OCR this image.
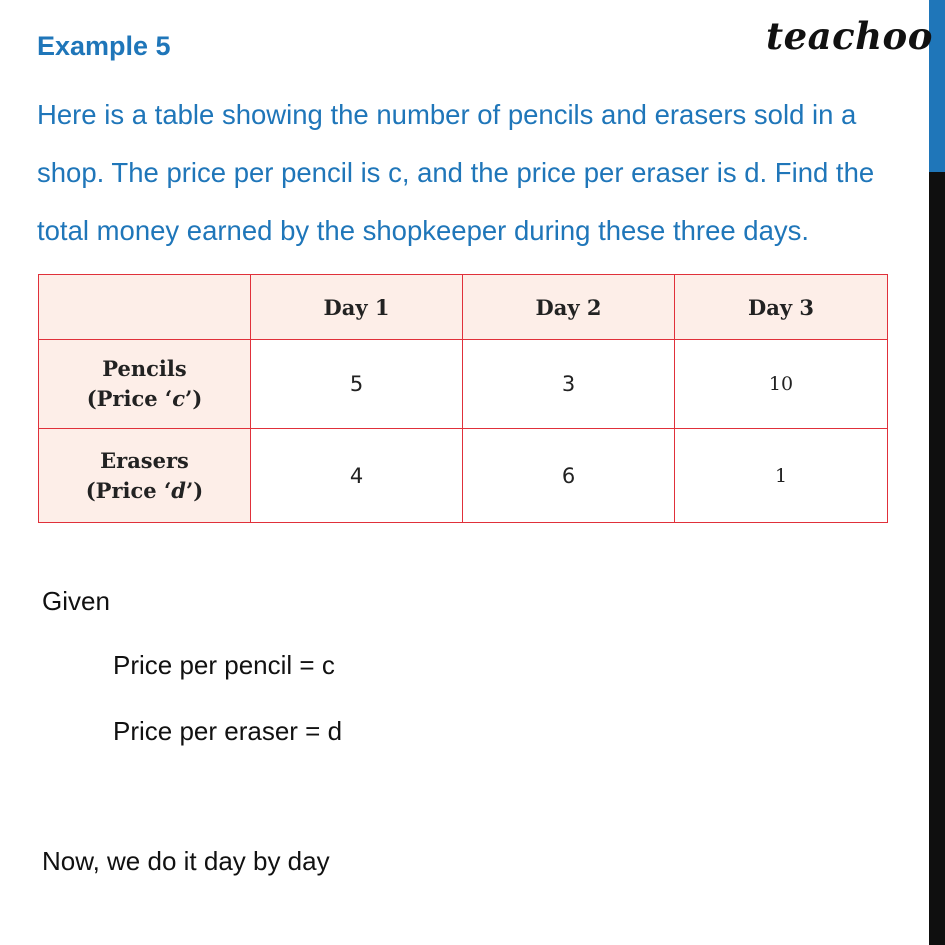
teachoo
Example 5
Here is a table showing the number of pencils and erasers sold in a
shop. The price per pencil is c, and the price per eraser is d. Find the
total money earned by the shopkeeper during these three days.
	Day 1	Day 2	Day 3
Pencils
(Price ‘c’)	5	3	10
Erasers
(Price ‘d’)	4	6	1
Given
Price per pencil = c
Price per eraser = d
Now, we do it day by day
